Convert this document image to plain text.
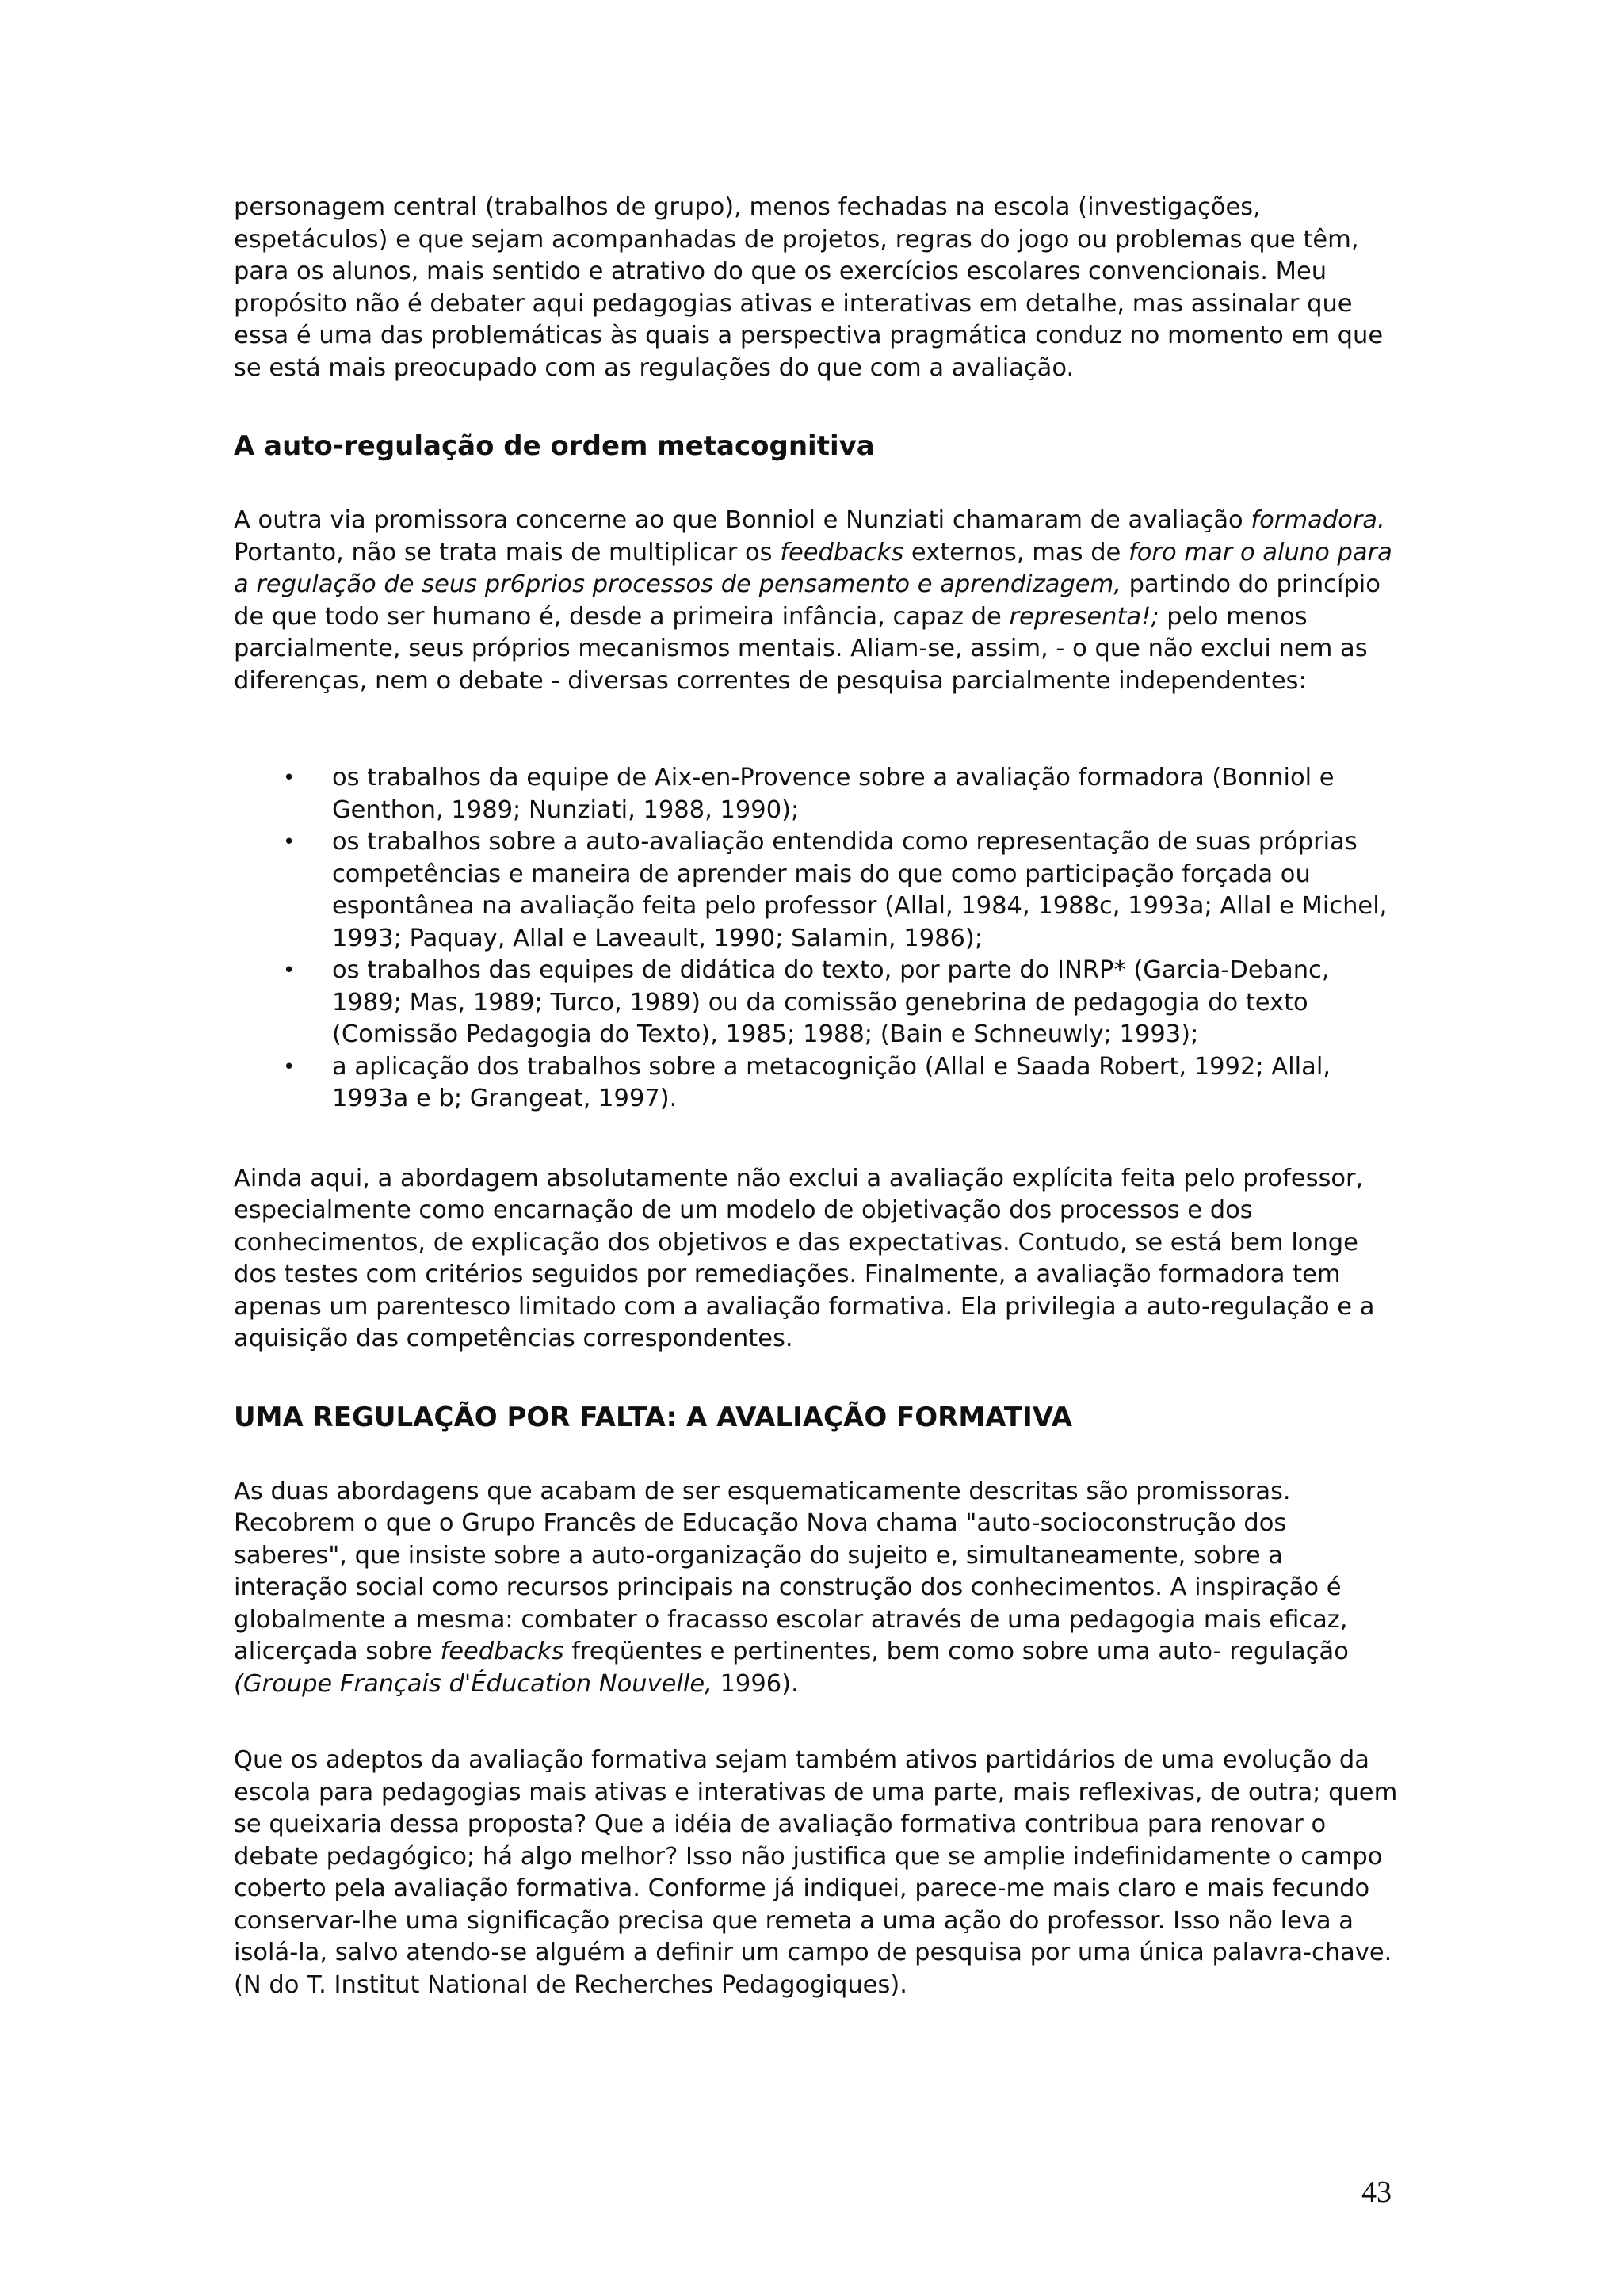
personagem central (trabalhos de grupo), menos fechadas na escola (investigações, espetáculos) e que sejam acompanhadas de projetos, regras do jogo ou problemas que têm, para os alunos, mais sentido e atrativo do que os exercícios escolares convencionais. Meu propósito não é debater aqui pedagogias ativas e interativas em detalhe, mas assinalar que essa é uma das problemáticas às quais a perspectiva pragmática conduz no momento em que se está mais preocupado com as regulações do que com a avaliação.

A auto-regulação de ordem metacognitiva

A outra via promissora concerne ao que Bonniol e Nunziati chamaram de avaliação formadora. Portanto, não se trata mais de multiplicar os feedbacks externos, mas de foro mar o aluno para a regulação de seus pr6prios processos de pensamento e aprendizagem, partindo do princípio de que todo ser humano é, desde a primeira infância, capaz de representa!; pelo menos parcialmente, seus próprios mecanismos mentais. Aliam-se, assim, - o que não exclui nem as diferenças, nem o debate - diversas correntes de pesquisa parcialmente independentes:

• os trabalhos da equipe de Aix-en-Provence sobre a avaliação formadora (Bonniol e Genthon, 1989; Nunziati, 1988, 1990);
• os trabalhos sobre a auto-avaliação entendida como representação de suas próprias competências e maneira de aprender mais do que como participação forçada ou espontânea na avaliação feita pelo professor (Allal, 1984, 1988c, 1993a; Allal e Michel, 1993; Paquay, Allal e Laveault, 1990; Salamin, 1986);
• os trabalhos das equipes de didática do texto, por parte do INRP* (Garcia-Debanc, 1989; Mas, 1989; Turco, 1989) ou da comissão genebrina de pedagogia do texto (Comissão Pedagogia do Texto), 1985; 1988; (Bain e Schneuwly; 1993);
• a aplicação dos trabalhos sobre a metacognição (Allal e Saada Robert, 1992; Allal, 1993a e b; Grangeat, 1997).

Ainda aqui, a abordagem absolutamente não exclui a avaliação explícita feita pelo professor, especialmente como encarnação de um modelo de objetivação dos processos e dos conhecimentos, de explicação dos objetivos e das expectativas. Contudo, se está bem longe dos testes com critérios seguidos por remediações. Finalmente, a avaliação formadora tem apenas um parentesco limitado com a avaliação formativa. Ela privilegia a auto-regulação e a aquisição das competências correspondentes.

UMA REGULAÇÃO POR FALTA: A AVALIAÇÃO FORMATIVA

As duas abordagens que acabam de ser esquematicamente descritas são promissoras. Recobrem o que o Grupo Francês de Educação Nova chama "auto-socioconstrução dos saberes", que insiste sobre a auto-organização do sujeito e, simultaneamente, sobre a interação social como recursos principais na construção dos conhecimentos. A inspiração é globalmente a mesma: combater o fracasso escolar através de uma pedagogia mais eficaz, alicerçada sobre feedbacks freqüentes e pertinentes, bem como sobre uma auto- regulação (Groupe Français d'Éducation Nouvelle, 1996).

Que os adeptos da avaliação formativa sejam também ativos partidários de uma evolução da escola para pedagogias mais ativas e interativas de uma parte, mais reflexivas, de outra; quem se queixaria dessa proposta? Que a idéia de avaliação formativa contribua para renovar o debate pedagógico; há algo melhor? Isso não justifica que se amplie indefinidamente o campo coberto pela avaliação formativa. Conforme já indiquei, parece-me mais claro e mais fecundo conservar-lhe uma significação precisa que remeta a uma ação do professor. Isso não leva a isolá-la, salvo atendo-se alguém a definir um campo de pesquisa por uma única palavra-chave. (N do T. Institut NationaI de Recherches Pedagogiques).

43
